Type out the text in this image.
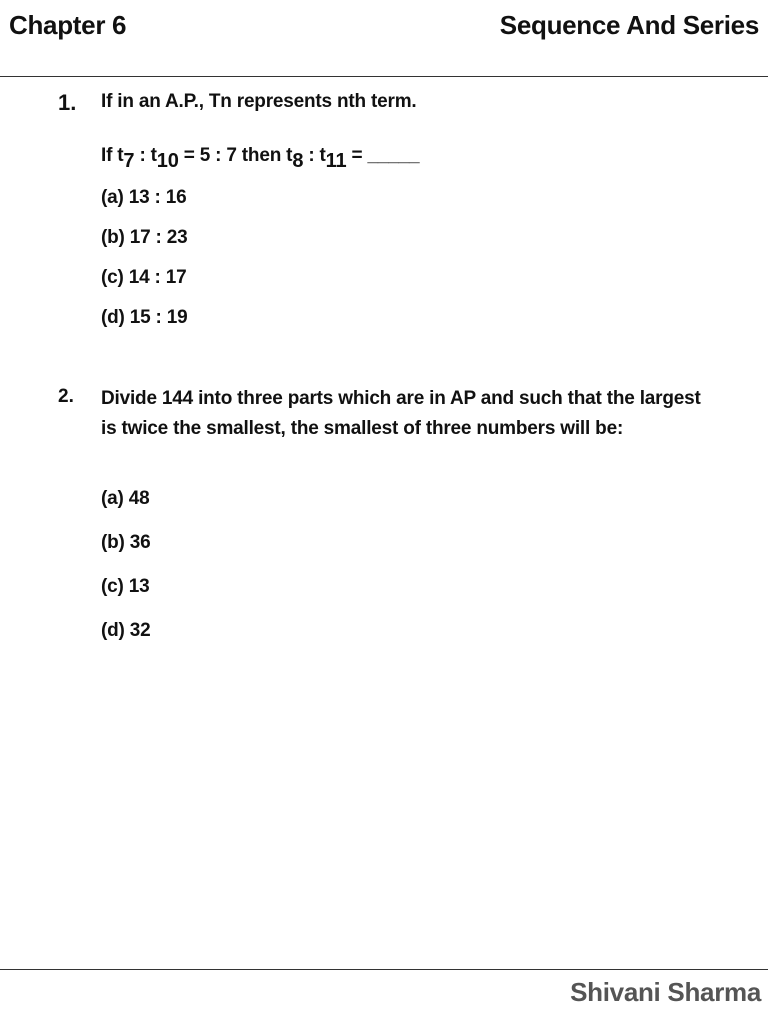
Chapter 6	Sequence And Series
1. If in an A.P., Tn represents nth term.
If $t_7$ : $t_{10} = 5$ : 7 then $t_8$ : $t_{11}$ = _____
(a) 13 : 16
(b) 17 : 23
(c) 14 : 17
(d) 15 : 19
2. Divide 144 into three parts which are in AP and such that the largest is twice the smallest, the smallest of three numbers will be:
(a) 48
(b) 36
(c) 13
(d) 32
Shivani Sharma
